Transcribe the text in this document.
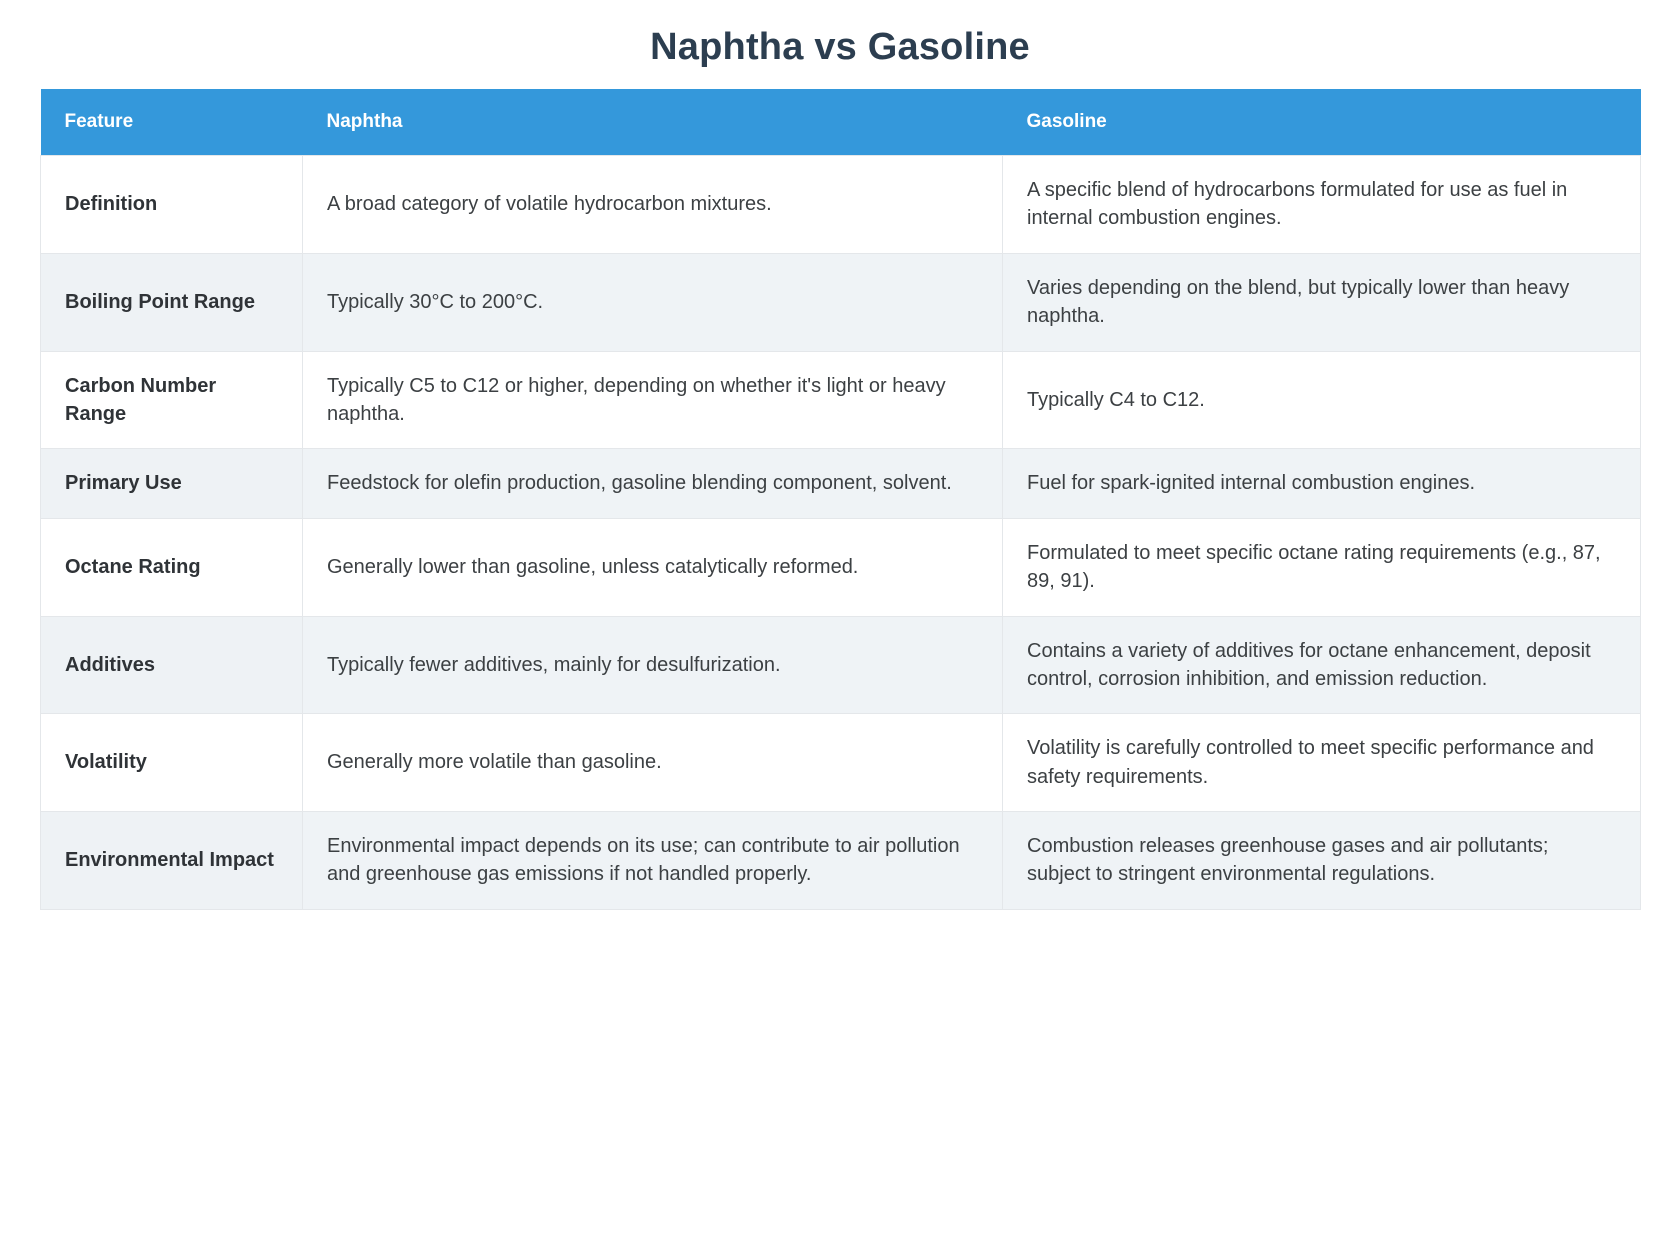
Naphtha vs Gasoline
Feature	Naphtha	Gasoline
Definition	A broad category of volatile hydrocarbon mixtures.	A specific blend of hydrocarbons formulated for use as fuel in internal combustion engines.
Boiling Point Range	Typically 30°C to 200°C.	Varies depending on the blend, but typically lower than heavy naphtha.
Carbon Number Range	Typically C5 to C12 or higher, depending on whether it's light or heavy naphtha.	Typically C4 to C12.
Primary Use	Feedstock for olefin production, gasoline blending component, solvent.	Fuel for spark-ignited internal combustion engines.
Octane Rating	Generally lower than gasoline, unless catalytically reformed.	Formulated to meet specific octane rating requirements (e.g., 87, 89, 91).
Additives	Typically fewer additives, mainly for desulfurization.	Contains a variety of additives for octane enhancement, deposit control, corrosion inhibition, and emission reduction.
Volatility	Generally more volatile than gasoline.	Volatility is carefully controlled to meet specific performance and safety requirements.
Environmental Impact	Environmental impact depends on its use; can contribute to air pollution and greenhouse gas emissions if not handled properly.	Combustion releases greenhouse gases and air pollutants; subject to stringent environmental regulations.
